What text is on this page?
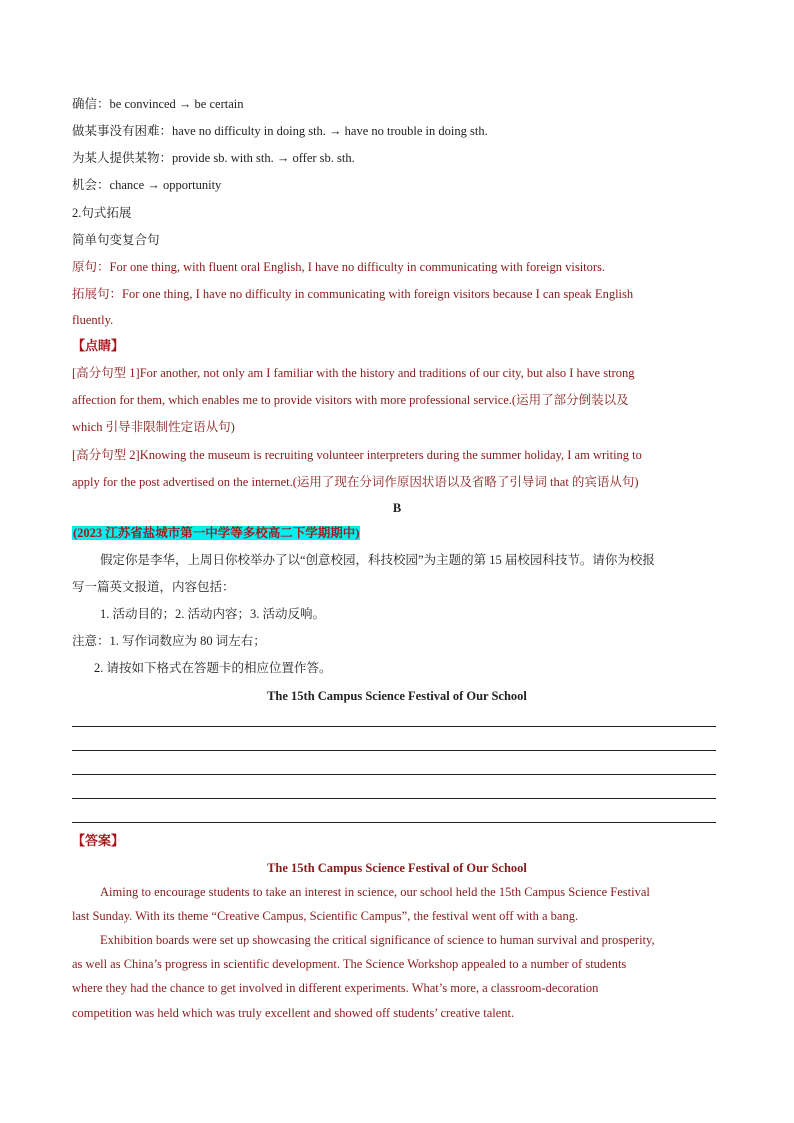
确信：be convinced → be certain
做某事没有困难：have no difficulty in doing sth. → have no trouble in doing sth.
为某人提供某物：provide sb. with sth. → offer sb. sth.
机会：chance → opportunity
2.句式拓展
简单句变复合句
原句：For one thing, with fluent oral English, I have no difficulty in communicating with foreign visitors.
拓展句：For one thing, I have no difficulty in communicating with foreign visitors because I can speak English
fluently.
【点睛】
[高分句型 1]For another, not only am I familiar with the history and traditions of our city, but also I have strong
affection for them, which enables me to provide visitors with more professional service.(运用了部分倒装以及
which 引导非限制性定语从句)
[高分句型 2]Knowing the museum is recruiting volunteer interpreters during the summer holiday, I am writing to
apply for the post advertised on the internet.(运用了现在分词作原因状语以及省略了引导词 that 的宾语从句)
B
(2023 江苏省盐城市第一中学等多校高二下学期期中)
假定你是李华，上周日你校举办了以“创意校园，科技校园”为主题的第 15 届校园科技节。请你为校报
写一篇英文报道，内容包括：
1. 活动目的；2. 活动内容；3. 活动反响。
注意：1. 写作词数应为 80 词左右；
2. 请按如下格式在答题卡的相应位置作答。
The 15th Campus Science Festival of Our School
【答案】
The 15th Campus Science Festival of Our School
Aiming to encourage students to take an interest in science, our school held the 15th Campus Science Festival
last Sunday. With its theme “Creative Campus, Scientific Campus”, the festival went off with a bang.
Exhibition boards were set up showcasing the critical significance of science to human survival and prosperity,
as well as China’s progress in scientific development. The Science Workshop appealed to a number of students
where they had the chance to get involved in different experiments. What’s more, a classroom-decoration
competition was held which was truly excellent and showed off students’ creative talent.
